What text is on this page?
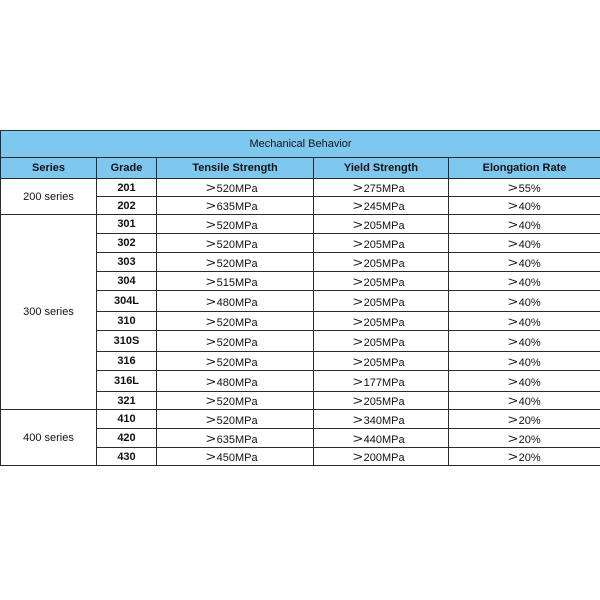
Mechanical Behavior				
Series	Grade	Tensile Strength	Yield Strength	Elongation Rate
200 series	201	>520MPa	>275MPa	>55%
	202	>635MPa	>245MPa	>40%
300 series	301	>520MPa	>205MPa	>40%
	302	>520MPa	>205MPa	>40%
	303	>520MPa	>205MPa	>40%
	304	>515MPa	>205MPa	>40%
	304L	>480MPa	>205MPa	>40%
	310	>520MPa	>205MPa	>40%
	310S	>520MPa	>205MPa	>40%
	316	>520MPa	>205MPa	>40%
	316L	>480MPa	>177MPa	>40%
	321	>520MPa	>205MPa	>40%
400 series	410	>520MPa	>340MPa	>20%
	420	>635MPa	>440MPa	>20%
	430	>450MPa	>200MPa	>20%
